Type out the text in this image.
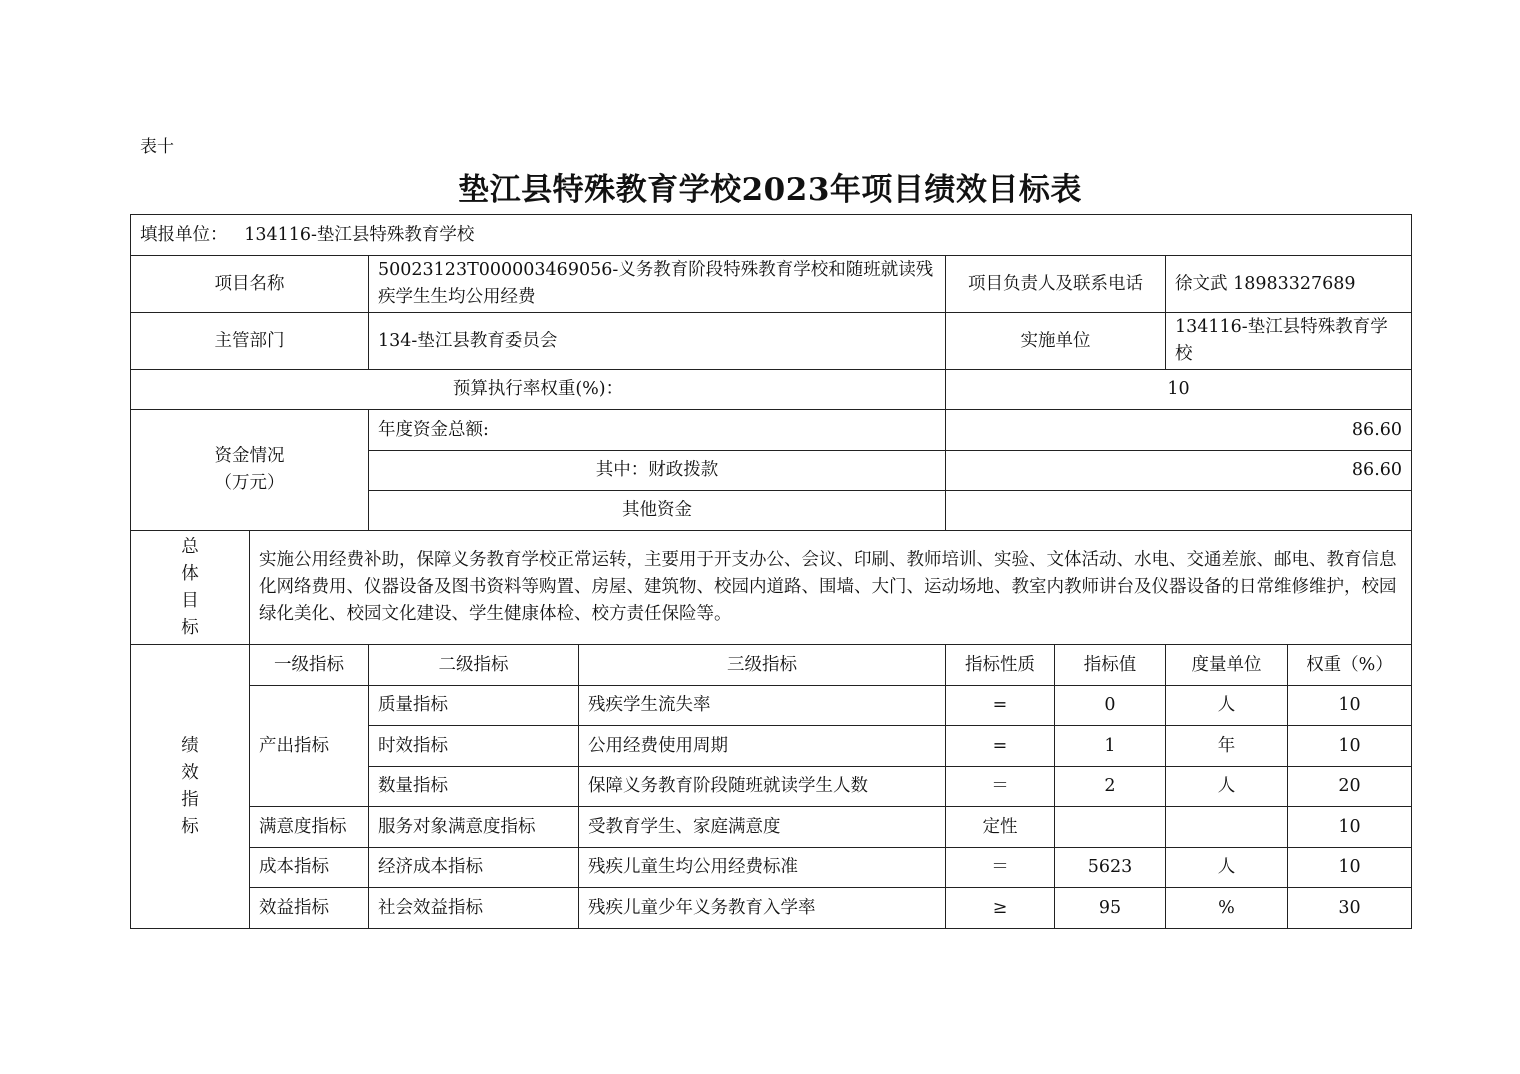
表十
垫江县特殊教育学校2023年项目绩效目标表
填报单位：   134116-垫江县特殊教育学校							
项目名称		50023123T000003469056-义务教育阶段特殊教育学校和随班就读残疾学生生均公用经费		项目负责人及联系电话		徐文武 18983327689	
主管部门		134-垫江县教育委员会		实施单位		134116-垫江县特殊教育学校	
预算执行率权重(%)：				10			

资金情况
（万元）		年度资金总额:		86.60			
		其中：财政拨款		86.60			
		其他资金					

总
体
目
标	实施公用经费补助，保障义务教育学校正常运转，主要用于开支办公、会议、印刷、教师培训、实验、文体活动、水电、交通差旅、邮电、教育信息化网络费用、仪器设备及图书资料等购置、房屋、建筑物、校园内道路、围墙、大门、运动场地、教室内教师讲台及仪器设备的日常维修维护，校园绿化美化、校园文化建设、学生健康体检、校方责任保险等。						

绩
效
指
标	一级指标	二级指标	三级指标	指标性质	指标值	度量单位	权重（%）
	产出指标	质量指标	残疾学生流失率	=	0	人	10
		时效指标	公用经费使用周期	=	1	年	10
		数量指标	保障义务教育阶段随班就读学生人数	＝	2	人	20
	满意度指标	服务对象满意度指标	受教育学生、家庭满意度	定性			10
	成本指标	经济成本指标	残疾儿童生均公用经费标准	＝	5623	人	10
	效益指标	社会效益指标	残疾儿童少年义务教育入学率	≥	95	%	30
